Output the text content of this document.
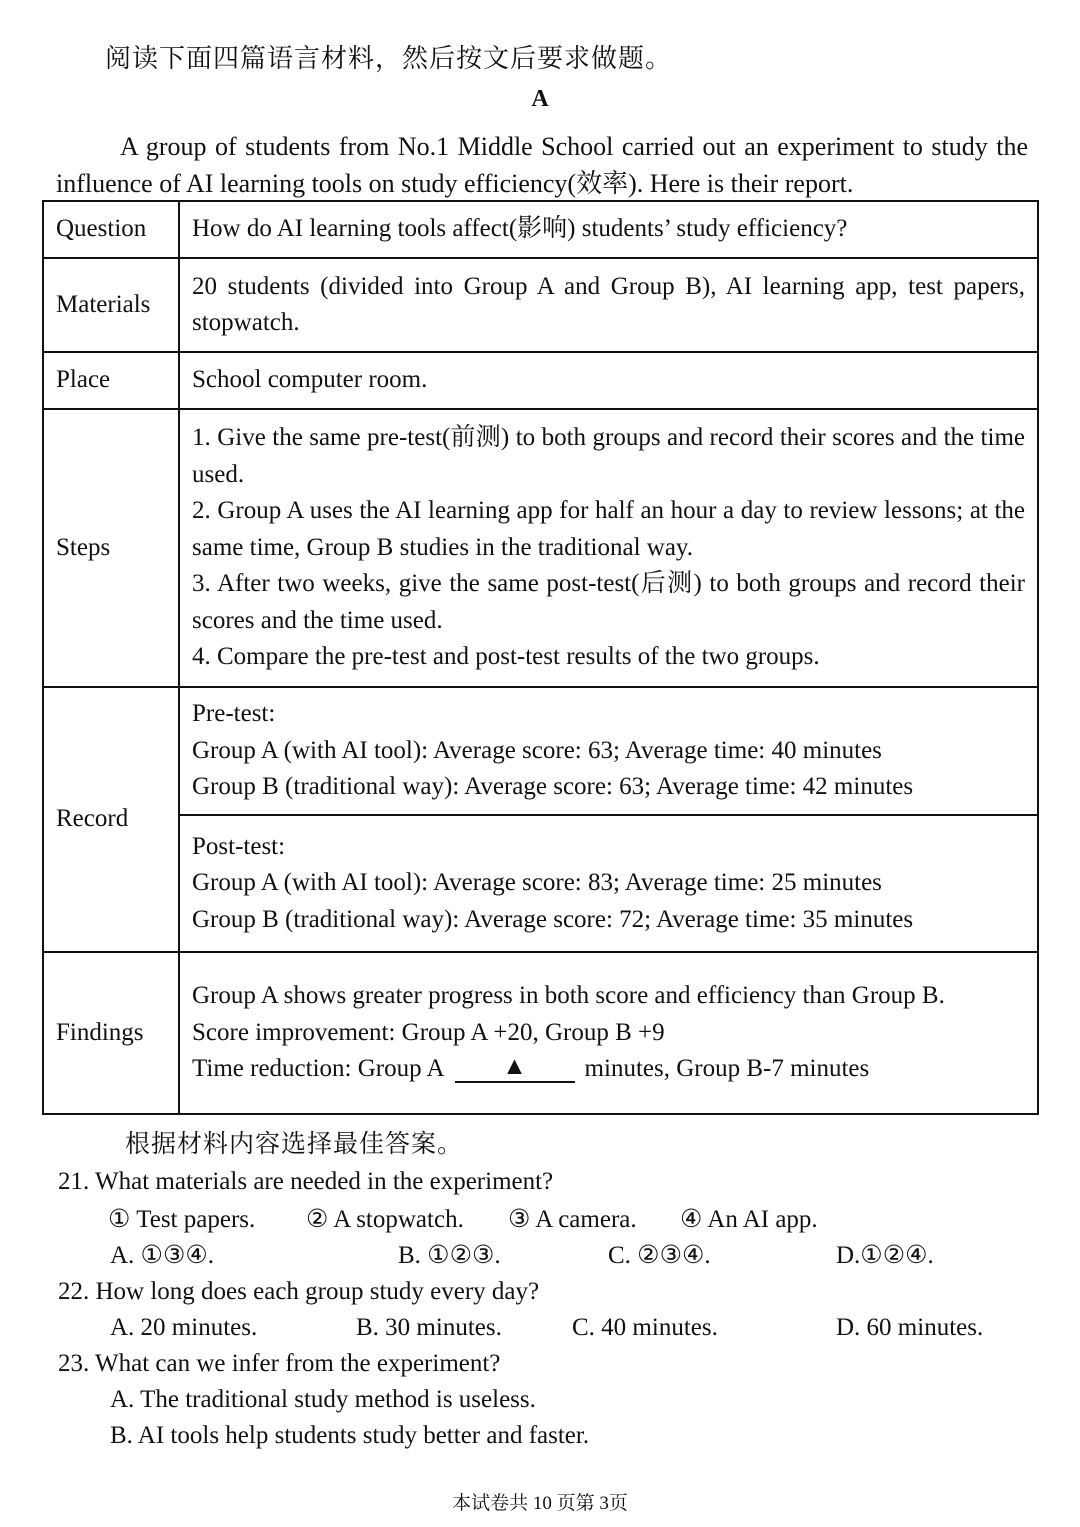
阅读下面四篇语言材料，然后按文后要求做题。
A
A group of students from No.1 Middle School carried out an experiment to study the influence of AI learning tools on study efficiency(效率). Here is their report.
Question	How do AI learning tools affect(影响) students’ study efficiency?
Materials	20 students (divided into Group A and Group B), AI learning app, test papers, stopwatch.
Place	School computer room.
Steps	1. Give the same pre-test(前测) to both groups and record their scores and the time used.
2. Group A uses the AI learning app for half an hour a day to review lessons; at the same time, Group B studies in the traditional way.
3. After two weeks, give the same post-test(后测) to both groups and record their scores and the time used.
4. Compare the pre-test and post-test results of the two groups.

Record	Pre-test:
Group A (with AI tool): Average score: 63; Average time: 40 minutes
Group B (traditional way): Average score: 63; Average time: 42 minutes

	Post-test:
Group A (with AI tool): Average score: 83; Average time: 25 minutes
Group B (traditional way): Average score: 72; Average time: 35 minutes

Findings	Group A shows greater progress in both score and efficiency than Group B.
Score improvement: Group A +20, Group B +9
Time reduction: Group A ▲ minutes, Group B-7 minutes
根据材料内容选择最佳答案。
21. What materials are needed in the experiment?
① Test papers. ② A stopwatch. ③ A camera. ④ An AI app.
A. ①③④.	B. ①②③.	C. ②③④.	D.①②④.
22. How long does each group study every day?
A. 20 minutes.	B. 30 minutes.	C. 40 minutes.	D. 60 minutes.
23. What can we infer from the experiment?
A. The traditional study method is useless.
B. AI tools help students study better and faster.
本试卷共 10 页第 3页
